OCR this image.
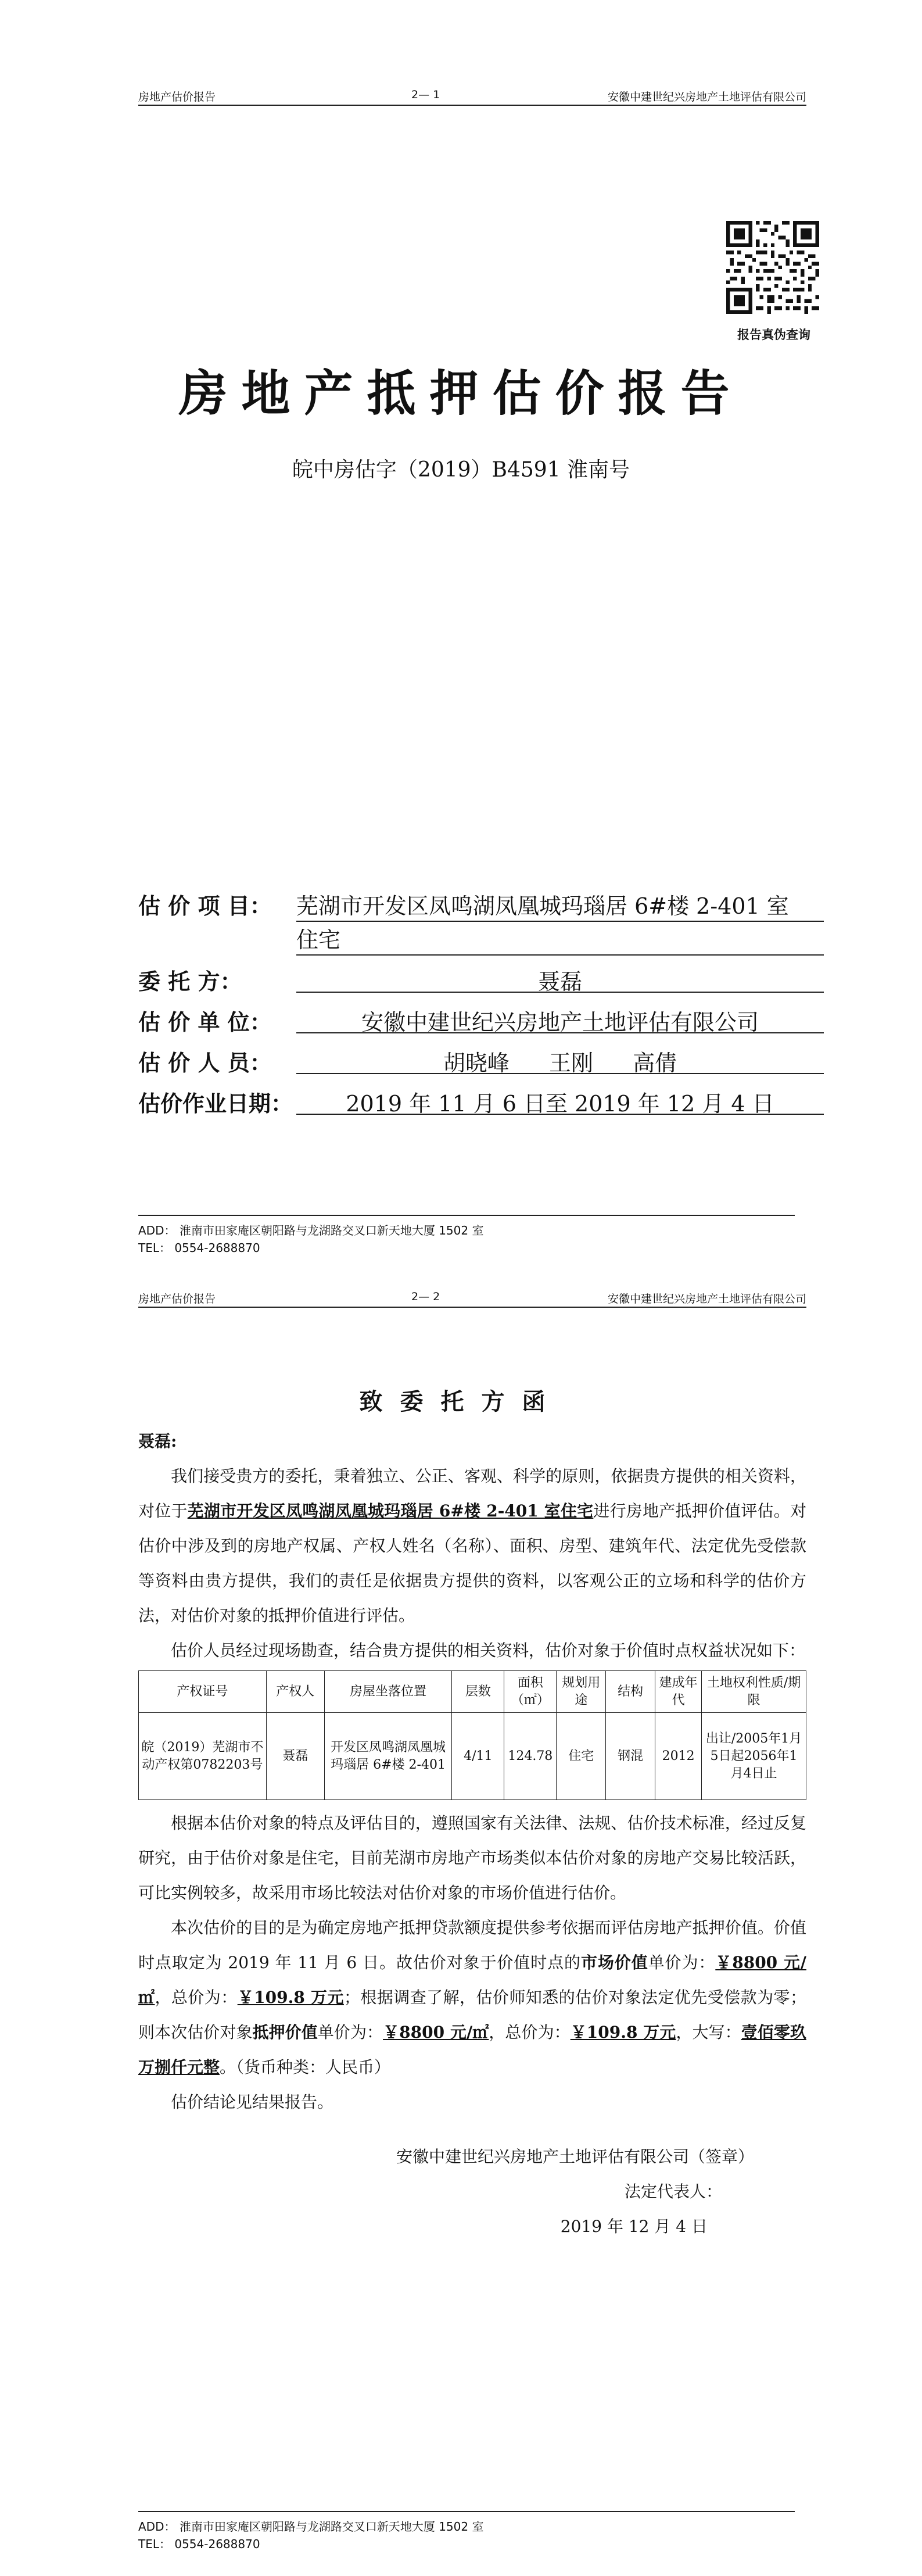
房地产估价报告	2— 1	安徽中建世纪兴房地产土地评估有限公司
报告真伪查询
房地产抵押估价报告
皖中房估字（2019）B4591 淮南号
估 价 项 目：	芜湖市开发区凤鸣湖凤凰城玛瑙居 6#楼 2-401 室
住宅
委 托 方：	聂磊
估 价 单 位：	安徽中建世纪兴房地产土地评估有限公司
估 价 人 员：	胡晓峰 王刚 高倩
估价作业日期：	2019 年 11 月 6 日至 2019 年 12 月 4 日
ADD： 淮南市田家庵区朝阳路与龙湖路交叉口新天地大厦 1502 室
TEL： 0554-2688870
房地产估价报告	2— 2	安徽中建世纪兴房地产土地评估有限公司
致委托方函
聂磊:

我们接受贵方的委托，秉着独立、公正、客观、科学的原则，依据贵方提供的相关资料，对位于芜湖市开发区凤鸣湖凤凰城玛瑙居 6#楼 2-401 室住宅进行房地产抵押价值评估。对估价中涉及到的房地产权属、产权人姓名（名称）、面积、房型、建筑年代、法定优先受偿款等资料由贵方提供，我们的责任是依据贵方提供的资料，以客观公正的立场和科学的估价方法，对估价对象的抵押价值进行评估。

估价人员经过现场勘查，结合贵方提供的相关资料，估价对象于价值时点权益状况如下：

产权证号	产权人	房屋坐落位置	层数	面积（㎡）	规划用途	结构	建成年代	土地权利性质/期限
皖（2019）芜湖市不动产权第0782203号	聂磊	开发区凤鸣湖凤凰城玛瑙居 6#楼 2-401	4/11	124.78	住宅	钢混	2012	出让/2005年1月5日起2056年1月4日止

根据本估价对象的特点及评估目的，遵照国家有关法律、法规、估价技术标准，经过反复研究，由于估价对象是住宅，目前芜湖市房地产市场类似本估价对象的房地产交易比较活跃，可比实例较多，故采用市场比较法对估价对象的市场价值进行估价。

本次估价的目的是为确定房地产抵押贷款额度提供参考依据而评估房地产抵押价值。价值时点取定为 2019 年 11 月 6 日。故估价对象于价值时点的市场价值单价为：￥8800 元/㎡，总价为：￥109.8 万元；根据调查了解，估价师知悉的估价对象法定优先受偿款为零；则本次估价对象抵押价值单价为：￥8800 元/㎡，总价为：￥109.8 万元，大写：壹佰零玖万捌仟元整。（货币种类：人民币）

估价结论见结果报告。

安徽中建世纪兴房地产土地评估有限公司（签章）
法定代表人：
2019 年 12 月 4 日
ADD： 淮南市田家庵区朝阳路与龙湖路交叉口新天地大厦 1502 室
TEL： 0554-2688870
